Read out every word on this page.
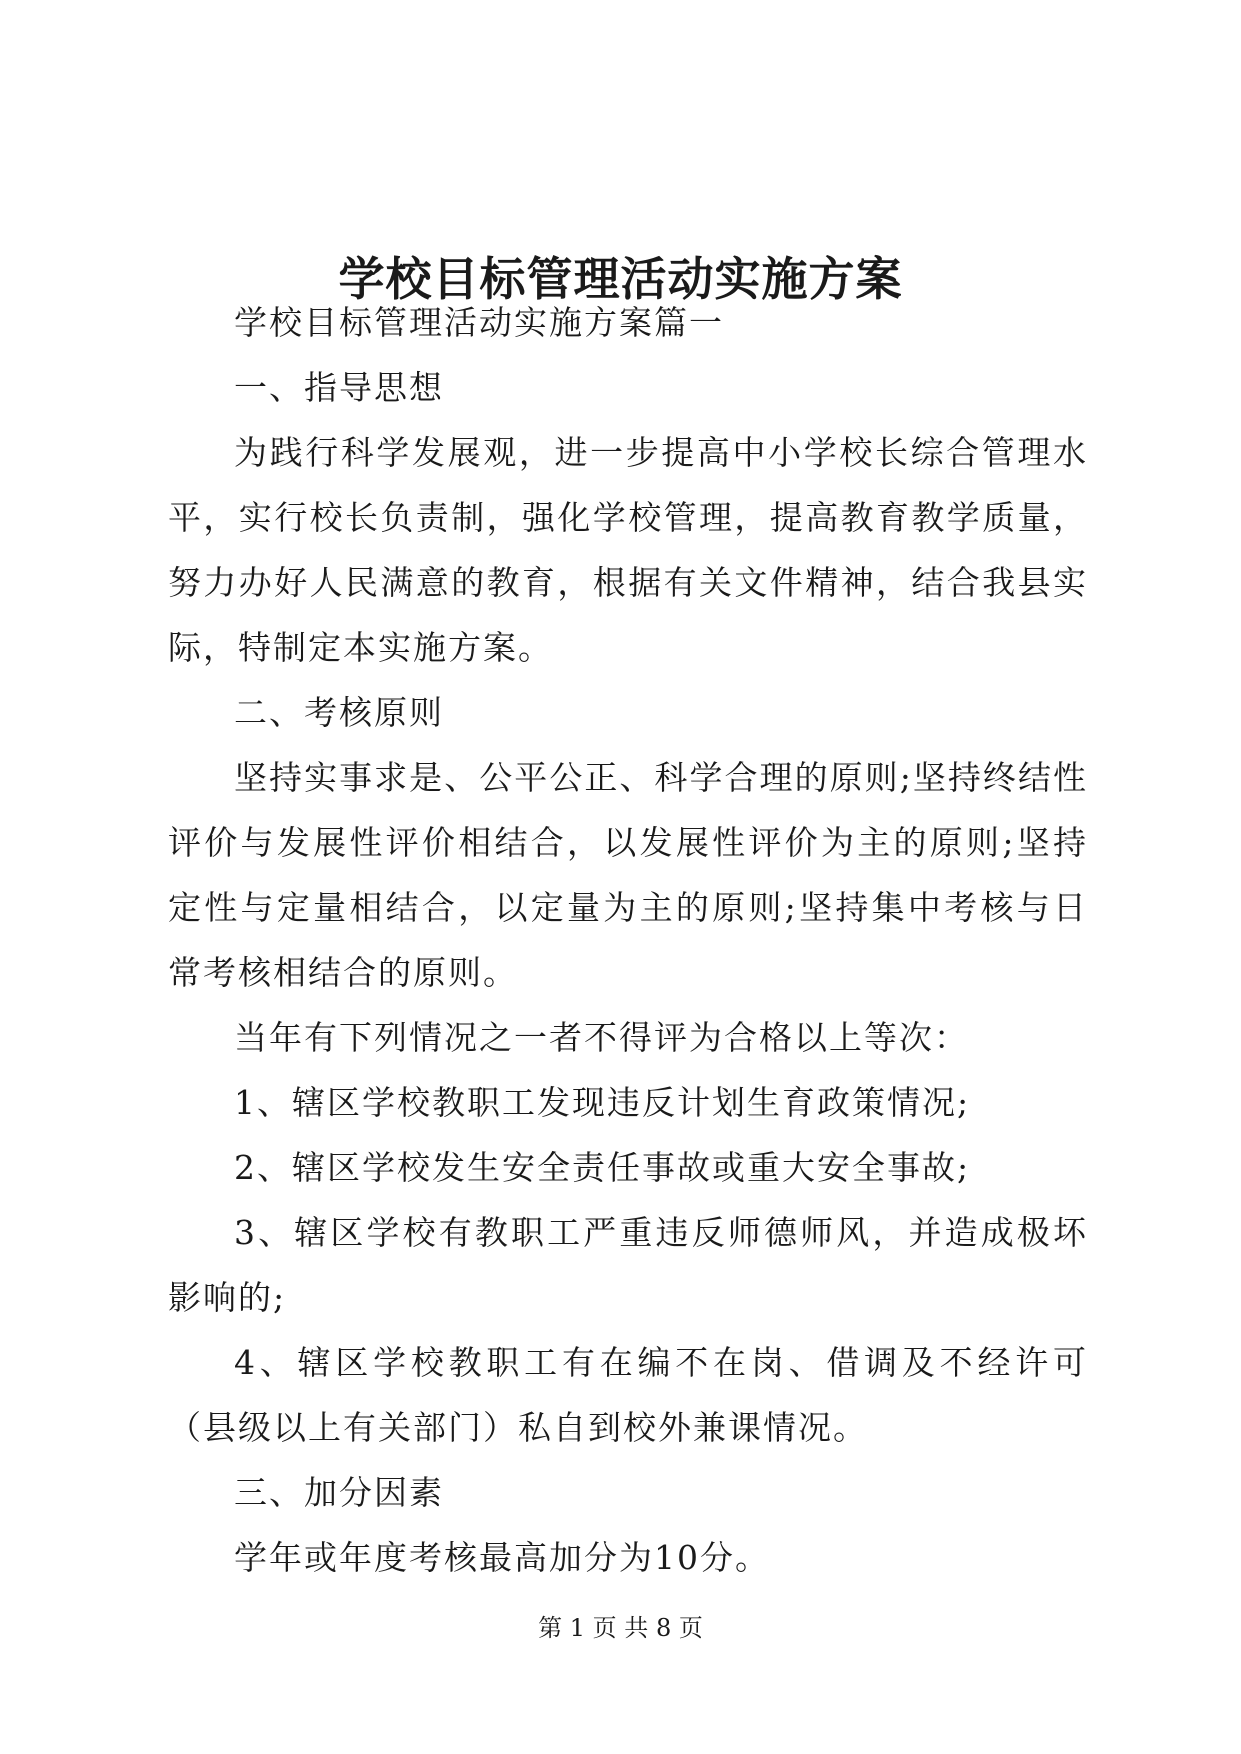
学校目标管理活动实施方案

学校目标管理活动实施方案篇一

一、指导思想

为践行科学发展观，进一步提高中小学校长综合管理水平，实行校长负责制，强化学校管理，提高教育教学质量，努力办好人民满意的教育，根据有关文件精神，结合我县实际，特制定本实施方案。

二、考核原则

坚持实事求是、公平公正、科学合理的原则;坚持终结性评价与发展性评价相结合，以发展性评价为主的原则;坚持定性与定量相结合，以定量为主的原则;坚持集中考核与日常考核相结合的原则。

当年有下列情况之一者不得评为合格以上等次：

1、辖区学校教职工发现违反计划生育政策情况;

2、辖区学校发生安全责任事故或重大安全事故;

3、辖区学校有教职工严重违反师德师风，并造成极坏影响的;

4、辖区学校教职工有在编不在岗、借调及不经许可（县级以上有关部门）私自到校外兼课情况。

三、加分因素

学年或年度考核最高加分为10分。

第 1 页 共 8 页
